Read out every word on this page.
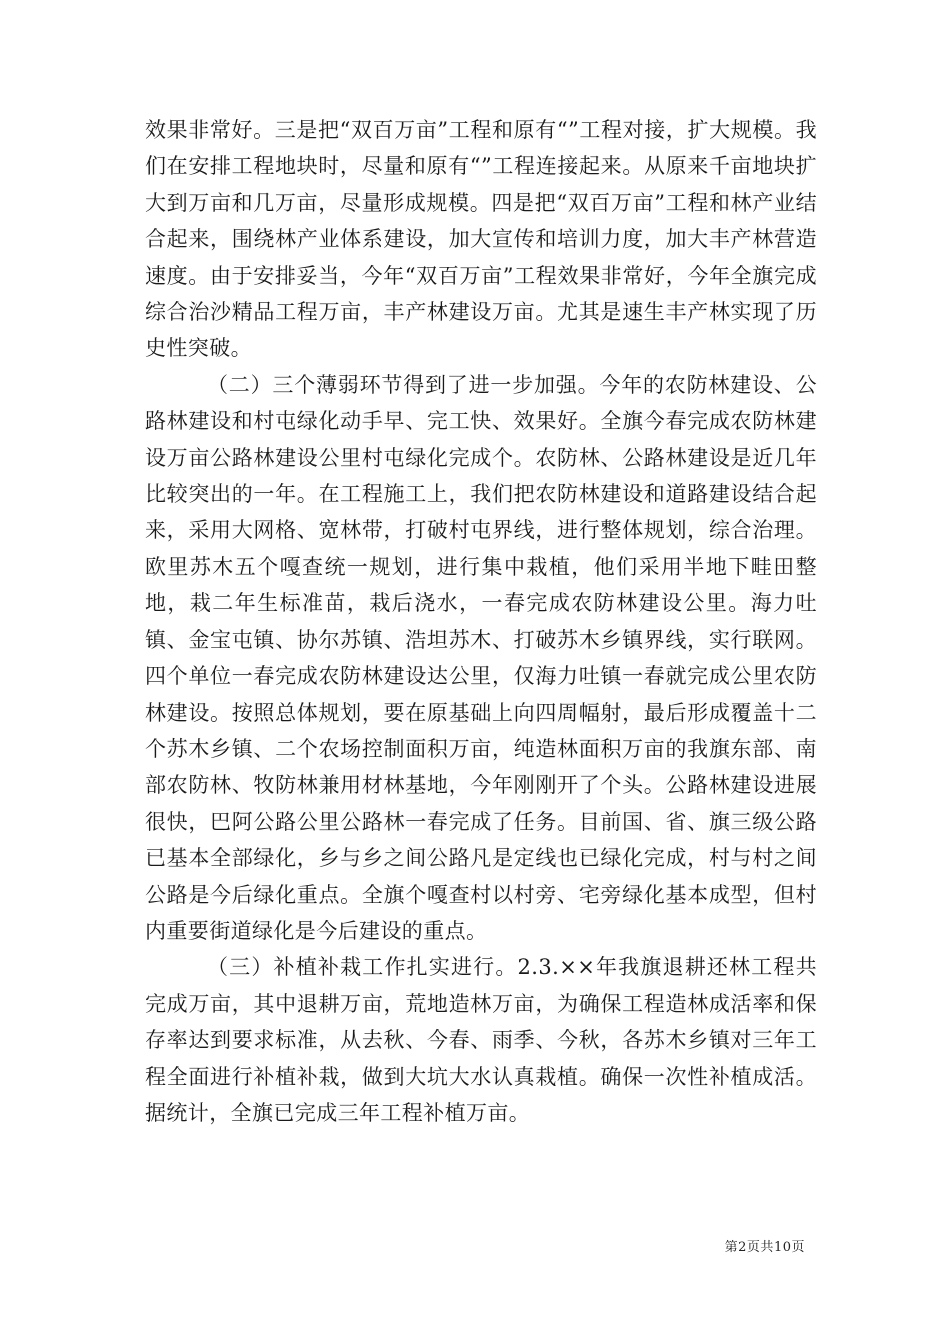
效果非常好。三是把“双百万亩”工程和原有“”工程对接，扩大规模。我们在安排工程地块时，尽量和原有“”工程连接起来。从原来千亩地块扩大到万亩和几万亩，尽量形成规模。四是把“双百万亩”工程和林产业结合起来，围绕林产业体系建设，加大宣传和培训力度，加大丰产林营造速度。由于安排妥当，今年“双百万亩”工程效果非常好，今年全旗完成综合治沙精品工程万亩，丰产林建设万亩。尤其是速生丰产林实现了历史性突破。

（二）三个薄弱环节得到了进一步加强。今年的农防林建设、公路林建设和村屯绿化动手早、完工快、效果好。全旗今春完成农防林建设万亩公路林建设公里村屯绿化完成个。农防林、公路林建设是近几年比较突出的一年。在工程施工上，我们把农防林建设和道路建设结合起来，采用大网格、宽林带，打破村屯界线，进行整体规划，综合治理。欧里苏木五个嘎查统一规划，进行集中栽植，他们采用半地下畦田整地，栽二年生标准苗，栽后浇水，一春完成农防林建设公里。海力吐镇、金宝屯镇、协尔苏镇、浩坦苏木、打破苏木乡镇界线，实行联网。四个单位一春完成农防林建设达公里，仅海力吐镇一春就完成公里农防林建设。按照总体规划，要在原基础上向四周幅射，最后形成覆盖十二个苏木乡镇、二个农场控制面积万亩，纯造林面积万亩的我旗东部、南部农防林、牧防林兼用材林基地，今年刚刚开了个头。公路林建设进展很快，巴阿公路公里公路林一春完成了任务。目前国、省、旗三级公路已基本全部绿化，乡与乡之间公路凡是定线也已绿化完成，村与村之间公路是今后绿化重点。全旗个嘎查村以村旁、宅旁绿化基本成型，但村内重要街道绿化是今后建设的重点。

（三）补植补栽工作扎实进行。2.3.××年我旗退耕还林工程共完成万亩，其中退耕万亩，荒地造林万亩，为确保工程造林成活率和保存率达到要求标准，从去秋、今春、雨季、今秋，各苏木乡镇对三年工程全面进行补植补栽，做到大坑大水认真栽植。确保一次性补植成活。据统计，全旗已完成三年工程补植万亩。

第2页共10页
